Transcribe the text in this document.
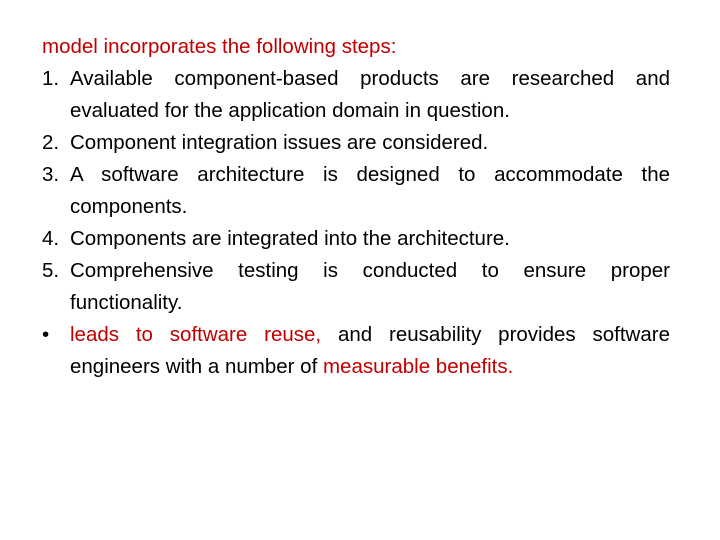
model incorporates the following steps:

1. Available component-based products are researched and evaluated for the application domain in question.
2. Component integration issues are considered.
3. A software architecture is designed to accommodate the components.
4. Components are integrated into the architecture.
5. Comprehensive testing is conducted to ensure proper functionality.
•	leads to software reuse, and reusability provides software engineers with a number of measurable benefits.
